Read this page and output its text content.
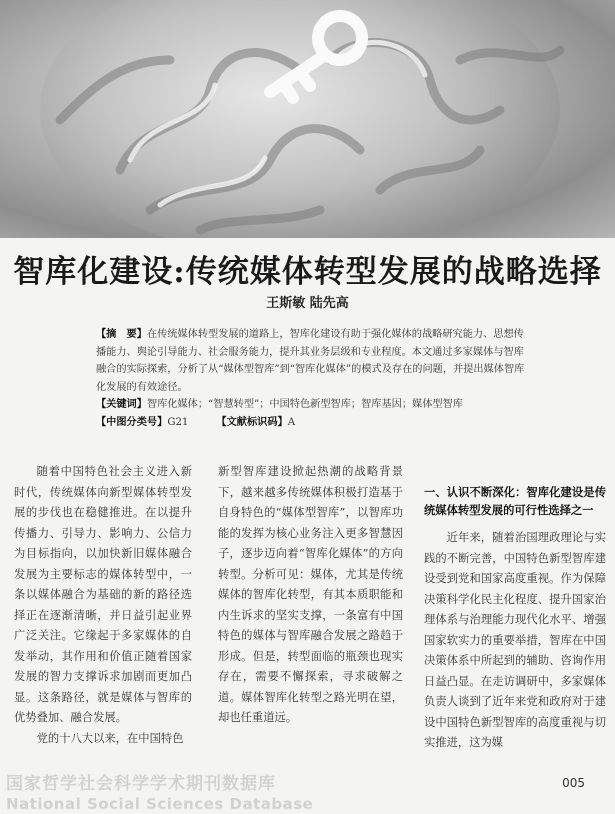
智库化建设:传统媒体转型发展的战略选择
王斯敏 陆先高

【摘　要】在传统媒体转型发展的道路上，智库化建设有助于强化媒体的战略研究能力、思想传播能力、舆论引导能力、社会服务能力，提升其业务层级和专业程度。本文通过多家媒体与智库融合的实际探索，分析了从“媒体型智库”到“智库化媒体”的模式及存在的问题，并提出媒体智库化发展的有效途径。

【关键词】智库化媒体；“智慧转型”；中国特色新型智库；智库基因；媒体型智库

【中图分类号】G21	【文献标识码】A

随着中国特色社会主义进入新时代，传统媒体向新型媒体转型发展的步伐也在稳健推进。在以提升传播力、引导力、影响力、公信力为目标指向，以加快新旧媒体融合发展为主要标志的媒体转型中，一条以媒体融合为基础的新的路径选择正在逐渐清晰，并日益引起业界广泛关注。它缘起于多家媒体的自发举动，其作用和价值正随着国家发展的智力支撑诉求加剧而更加凸显。这条路径，就是媒体与智库的优势叠加、融合发展。

党的十八大以来，在中国特色

新型智库建设掀起热潮的战略背景下，越来越多传统媒体积极打造基于自身特色的“媒体型智库”，以智库功能的发挥为核心业务注入更多智慧因子，逐步迈向着“智库化媒体”的方向转型。分析可见：媒体，尤其是传统媒体的智库化转型，有其本质职能和内生诉求的坚实支撑，一条富有中国特色的媒体与智库融合发展之路趋于形成。但是，转型面临的瓶颈也现实存在，需要不懈探索，寻求破解之道。媒体智库化转型之路光明在望，却也任重道远。

一、认识不断深化：智库化建设是传统媒体转型发展的可行性选择之一

近年来，随着治国理政理论与实践的不断完善，中国特色新型智库建设受到党和国家高度重视。作为保障决策科学化民主化程度、提升国家治理体系与治理能力现代化水平、增强国家软实力的重要举措，智库在中国决策体系中所起到的辅助、咨询作用日益凸显。在走访调研中，多家媒体负责人谈到了近年来党和政府对于建设中国特色新型智库的高度重视与切实推进，这为媒

005
国家哲学社会科学学术期刊数据库
National Social Sciences Database
